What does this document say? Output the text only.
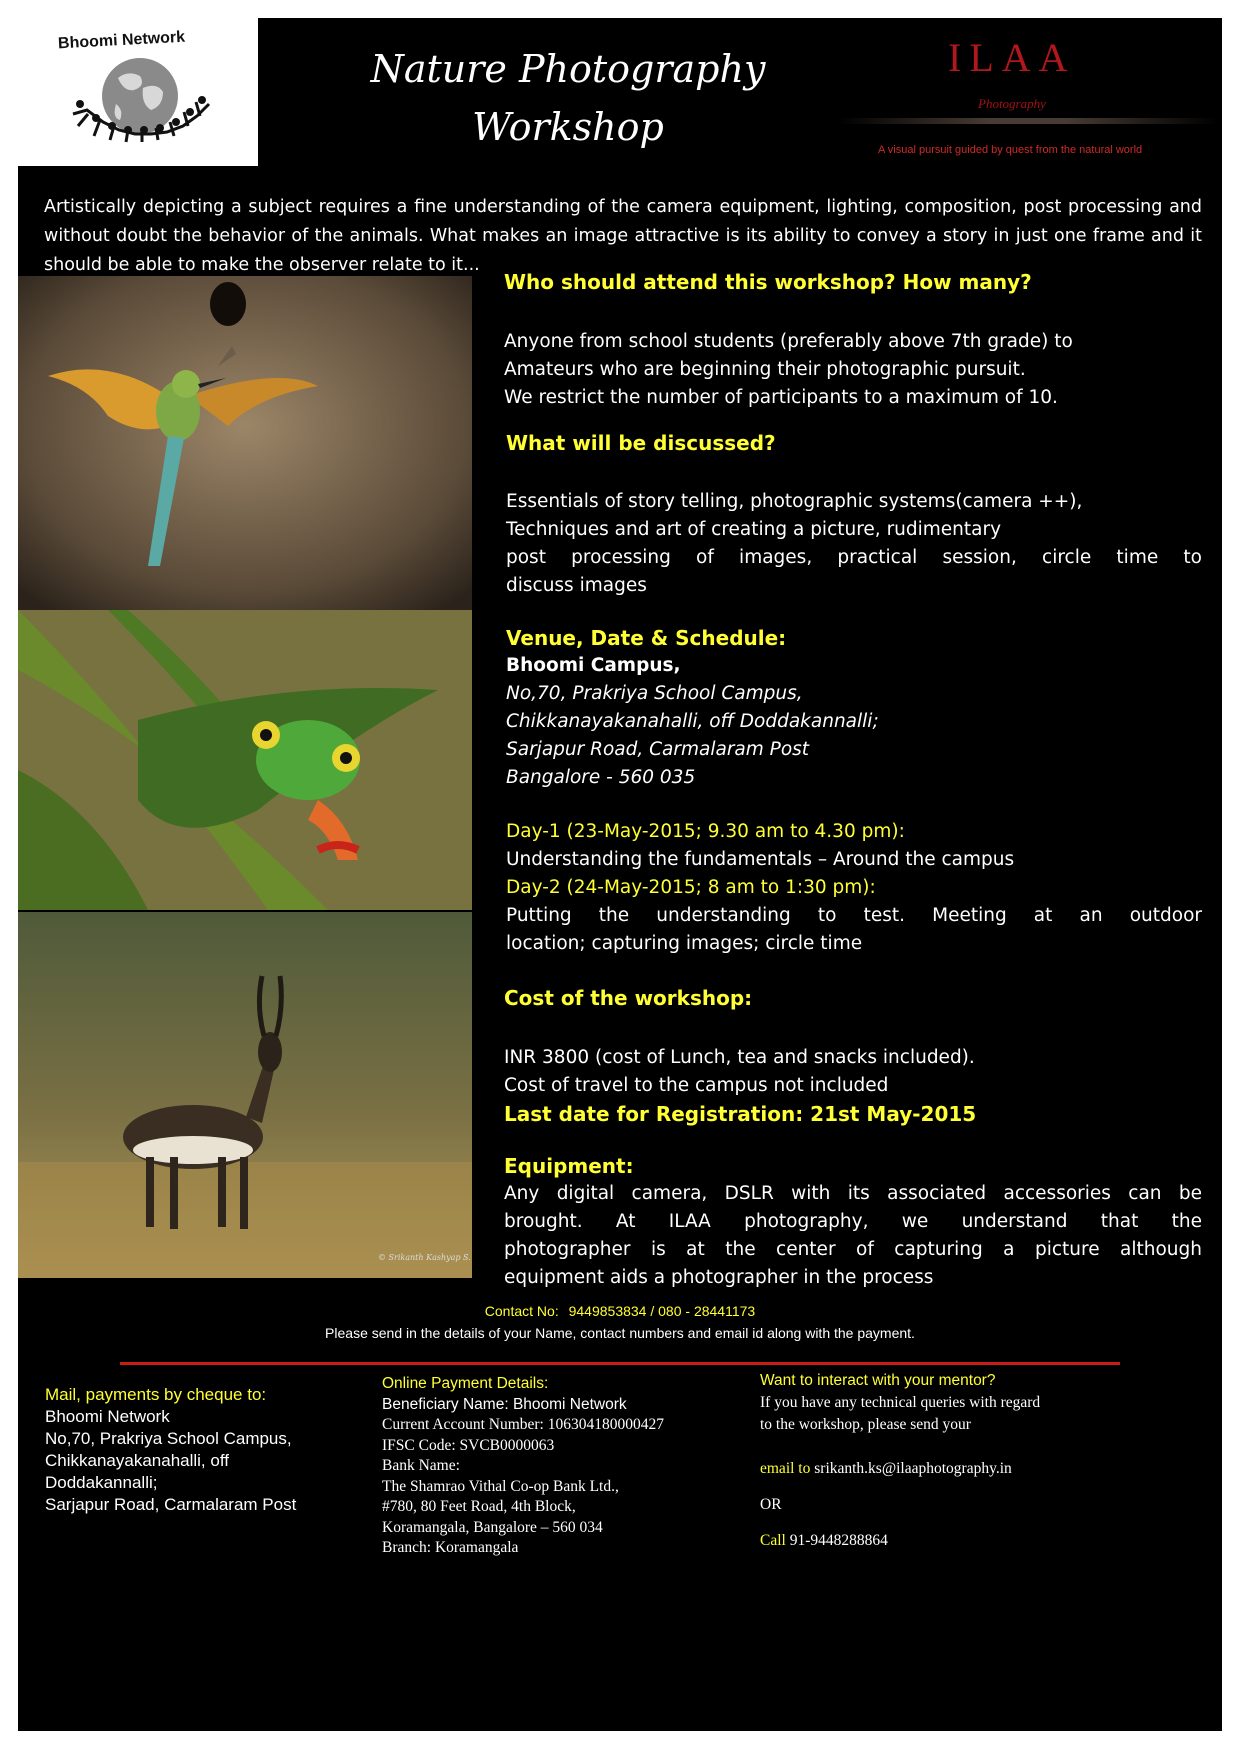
Bhoomi Network
Nature Photography
Workshop
ILAA
Photography
A visual pursuit guided by quest from the natural world
Artistically depicting a subject requires a fine understanding of the camera equipment, lighting, composition, post processing and without doubt the behavior of the animals. What makes an image attractive is its ability to convey a story in just one frame and it should be able to make the observer relate to it...
© Srikanth Kashyap S.
Who should attend this workshop? How many?
Anyone from school students (preferably above 7th grade) to
Amateurs who are beginning their photographic pursuit.
We restrict the number of participants to a maximum of 10.
What will be discussed?
Essentials of story telling, photographic systems(camera ++),
Techniques and art of creating a picture, rudimentary
post processing of images, practical session, circle time to
discuss images
Venue, Date & Schedule:
Bhoomi Campus,
No,70, Prakriya School Campus,
Chikkanayakanahalli, off Doddakannalli;
Sarjapur Road, Carmalaram Post
Bangalore - 560 035
Day-1 (23-May-2015; 9.30 am to 4.30 pm):
Understanding the fundamentals – Around the campus
Day-2 (24-May-2015; 8 am to 1:30 pm):
Putting the understanding to test. Meeting at an outdoor
location; capturing images; circle time
Cost of the workshop:
INR 3800 (cost of Lunch, tea and snacks included).
Cost of travel to the campus not included
Last date for Registration: 21st May-2015
Equipment:
Any digital camera, DSLR with its associated accessories can be
brought. At ILAA photography, we understand that the
photographer is at the center of capturing a picture although
equipment aids a photographer in the process
Contact No: 9449853834 / 080 - 28441173
Please send in the details of your Name, contact numbers and email id along with the payment.
Mail, payments by cheque to:
Bhoomi Network
No,70, Prakriya School Campus,
Chikkanayakanahalli, off
Doddakannalli;
Sarjapur Road, Carmalaram Post
Online Payment Details:
Beneficiary Name: Bhoomi Network
Current Account Number: 106304180000427
IFSC Code: SVCB0000063
Bank Name:
The Shamrao Vithal Co-op Bank Ltd.,
#780, 80 Feet Road, 4th Block,
Koramangala, Bangalore – 560 034
Branch: Koramangala
Want to interact with your mentor?
If you have any technical queries with regard
to the workshop, please send your
email to srikanth.ks@ilaaphotography.in
OR
Call 91-9448288864
